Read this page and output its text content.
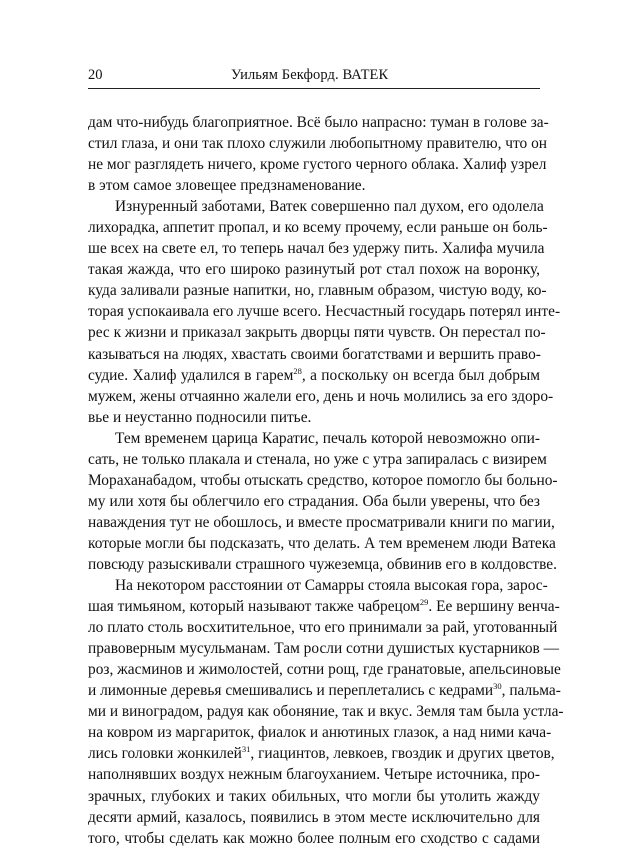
20	Уильям Бекфорд. ВАТЕК
дам что-нибудь благоприятное. Всё было напрасно: туман в голове за-
стил глаза, и они так плохо служили любопытному правителю, что он
не мог разглядеть ничего, кроме густого черного облака. Халиф узрел
в этом самое зловещее предзнаменование.
Изнуренный заботами, Ватек совершенно пал духом, его одолела
лихорадка, аппетит пропал, и ко всему прочему, если раньше он боль-
ше всех на свете ел, то теперь начал без удержу пить. Халифа мучила
такая жажда, что его широко разинутый рот стал похож на воронку,
куда заливали разные напитки, но, главным образом, чистую воду, ко-
торая успокаивала его лучше всего. Несчастный государь потерял инте-
рес к жизни и приказал закрыть дворцы пяти чувств. Он перестал по-
казываться на людях, хвастать своими богатствами и вершить право-
судие. Халиф удалился в гарем$^{28}$, а поскольку он всегда был добрым
мужем, жены отчаянно жалели его, день и ночь молились за его здоро-
вье и неустанно подносили питье.
Тем временем царица Каратис, печаль которой невозможно опи-
сать, не только плакала и стенала, но уже с утра запиралась с визирем
Мораханабадом, чтобы отыскать средство, которое помогло бы больно-
му или хотя бы облегчило его страдания. Оба были уверены, что без
наваждения тут не обошлось, и вместе просматривали книги по магии,
которые могли бы подсказать, что делать. А тем временем люди Ватека
повсюду разыскивали страшного чужеземца, обвинив его в колдовстве.
На некотором расстоянии от Самарры стояла высокая гора, зарос-
шая тимьяном, который называют также чабрецом$^{29}$. Ее вершину венча-
ло плато столь восхитительное, что его принимали за рай, уготованный
правоверным мусульманам. Там росли сотни душистых кустарников —
роз, жасминов и жимолостей, сотни рощ, где гранатовые, апельсиновые
и лимонные деревья смешивались и переплетались с кедрами$^{30}$, пальма-
ми и виноградом, радуя как обоняние, так и вкус. Земля там была устла-
на ковром из маргариток, фиалок и анютиных глазок, а над ними кача-
лись головки жонкилей$^{31}$, гиацинтов, левкоев, гвоздик и других цветов,
наполнявших воздух нежным благоуханием. Четыре источника, про-
зрачных, глубоких и таких обильных, что могли бы утолить жажду
десяти армий, казалось, появились в этом месте исключительно для
того, чтобы сделать как можно более полным его сходство с садами
